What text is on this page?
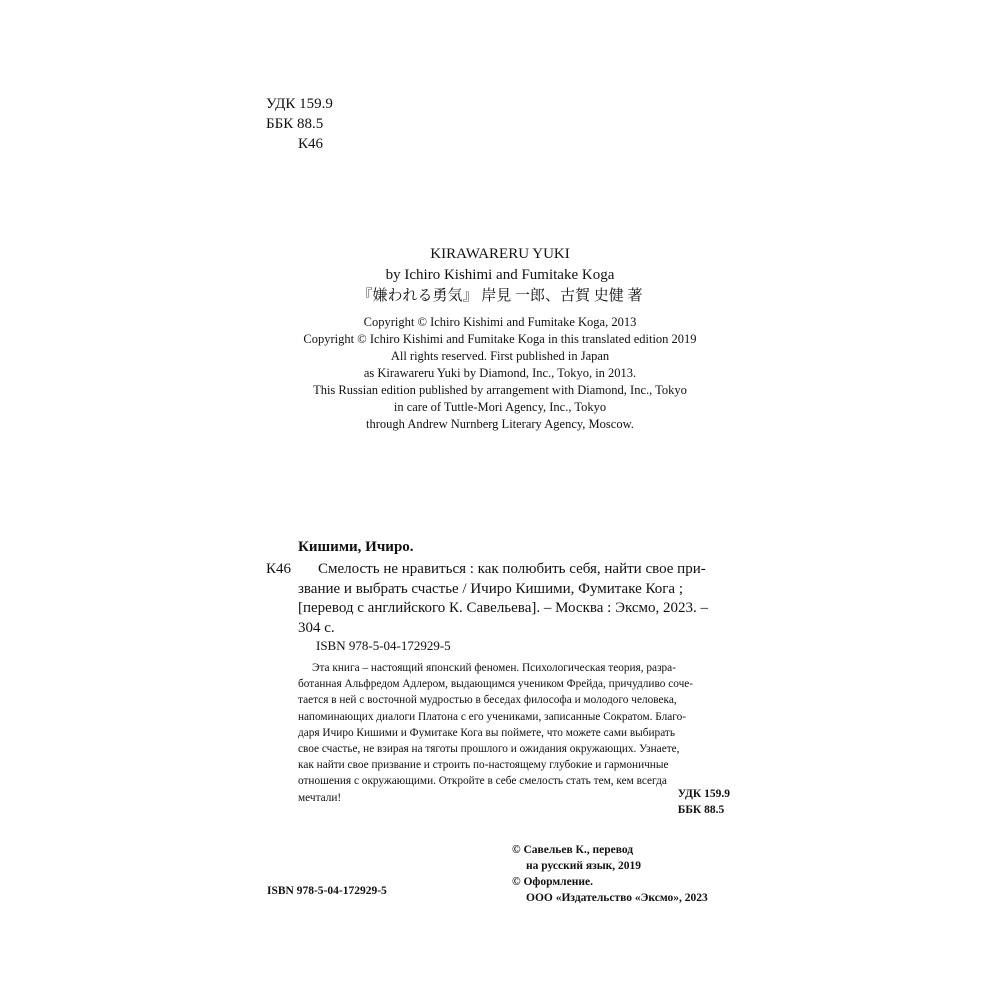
УДК 159.9
ББК 88.5
К46
KIRAWARERU YUKI
by Ichiro Kishimi and Fumitake Koga
『嫌われる勇気』 岸見 一郎、古賀 史健 著
Copyright © Ichiro Kishimi and Fumitake Koga, 2013
Copyright © Ichiro Kishimi and Fumitake Koga in this translated edition 2019
All rights reserved. First published in Japan
as Kirawareru Yuki by Diamond, Inc., Tokyo, in 2013.
This Russian edition published by arrangement with Diamond, Inc., Tokyo
in care of Tuttle-Mori Agency, Inc., Tokyo
through Andrew Nurnberg Literary Agency, Moscow.
Кишими, Ичиро.
К46	Смелость не нравиться : как полюбить себя, найти свое при-
звание и выбрать счастье / Ичиро Кишими, Фумитаке Кога ;
[перевод с английского К. Савельева]. – Москва : Эксмо, 2023. –
304 с.
ISBN 978-5-04-172929-5
Эта книга – настоящий японский феномен. Психологическая теория, разра-
ботанная Альфредом Адлером, выдающимся учеником Фрейда, причудливо соче-
тается в ней с восточной мудростью в беседах философа и молодого человека,
напоминающих диалоги Платона с его учениками, записанные Сократом. Благо-
даря Ичиро Кишими и Фумитаке Кога вы поймете, что можете сами выбирать
свое счастье, не взирая на тяготы прошлого и ожидания окружающих. Узнаете,
как найти свое призвание и строить по-настоящему глубокие и гармоничные
отношения с окружающими. Откройте в себе смелость стать тем, кем всегда
мечтали!	УДК 159.9
ББК 88.5
© Савельев К., перевод
на русский язык, 2019
© Оформление.
ООО «Издательство «Эксмо», 2023
ISBN 978-5-04-172929-5
